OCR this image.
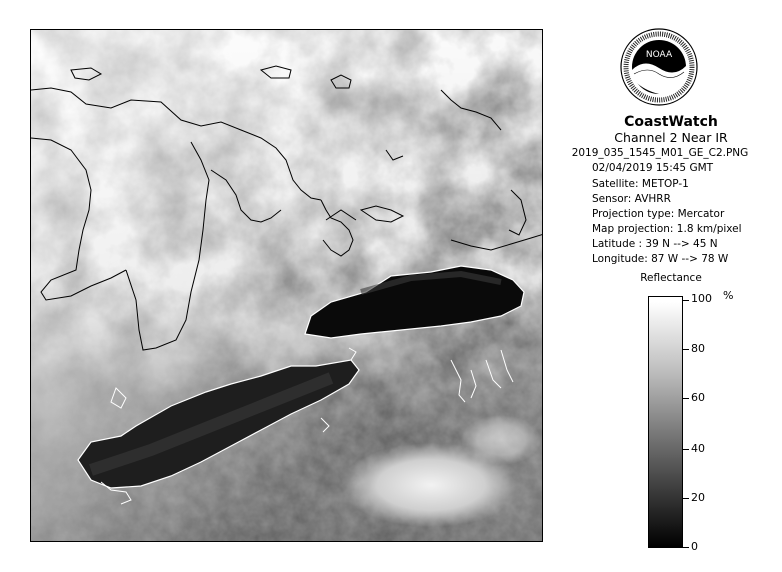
NOAA
CoastWatch
Channel 2 Near IR
2019_035_1545_M01_GE_C2.PNG
02/04/2019 15:45 GMT
Satellite: METOP-1
Sensor: AVHRR
Projection type: Mercator
Map projection: 1.8 km/pixel
Latitude : 39 N --> 45 N
Longitude: 87 W --> 78 W
Reflectance
%
100
80
60
40
20
0
